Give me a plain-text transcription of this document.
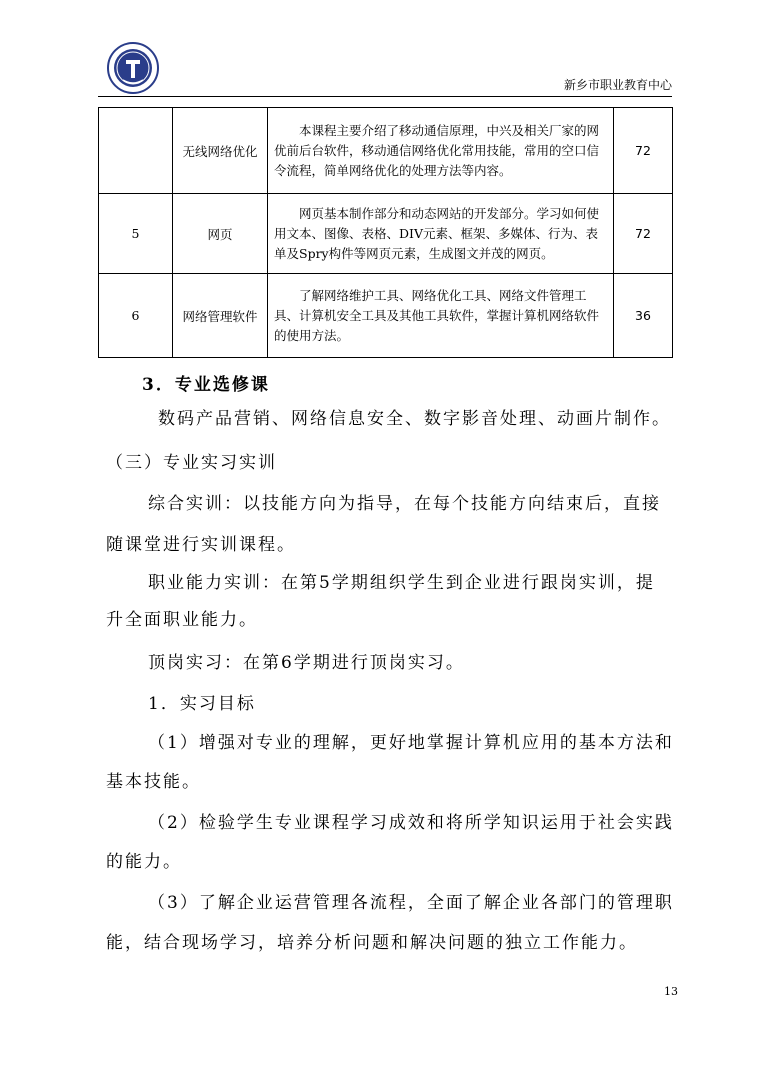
新乡市职业教育中心
	无线网络优化	本课程主要介绍了移动通信原理，中兴及相关厂家的网优前后台软件，移动通信网络优化常用技能，常用的空口信令流程，简单网络优化的处理方法等内容。	72
5	网页	网页基本制作部分和动态网站的开发部分。学习如何使用文本、图像、表格、DIV元素、框架、多媒体、行为、表单及Spry构件等网页元素，生成图文并茂的网页。	72
6	网络管理软件	了解网络维护工具、网络优化工具、网络文件管理工具、计算机安全工具及其他工具软件，掌握计算机网络软件的使用方法。	36
3．专业选修课
数码产品营销、网络信息安全、数字影音处理、动画片制作。
（三）专业实习实训
综合实训：以技能方向为指导，在每个技能方向结束后，直接
随课堂进行实训课程。
职业能力实训：在第5学期组织学生到企业进行跟岗实训，提
升全面职业能力。
顶岗实习：在第6学期进行顶岗实习。
1．实习目标
（1）增强对专业的理解，更好地掌握计算机应用的基本方法和
基本技能。
（2）检验学生专业课程学习成效和将所学知识运用于社会实践
的能力。
（3）了解企业运营管理各流程，全面了解企业各部门的管理职
能，结合现场学习，培养分析问题和解决问题的独立工作能力。
13
